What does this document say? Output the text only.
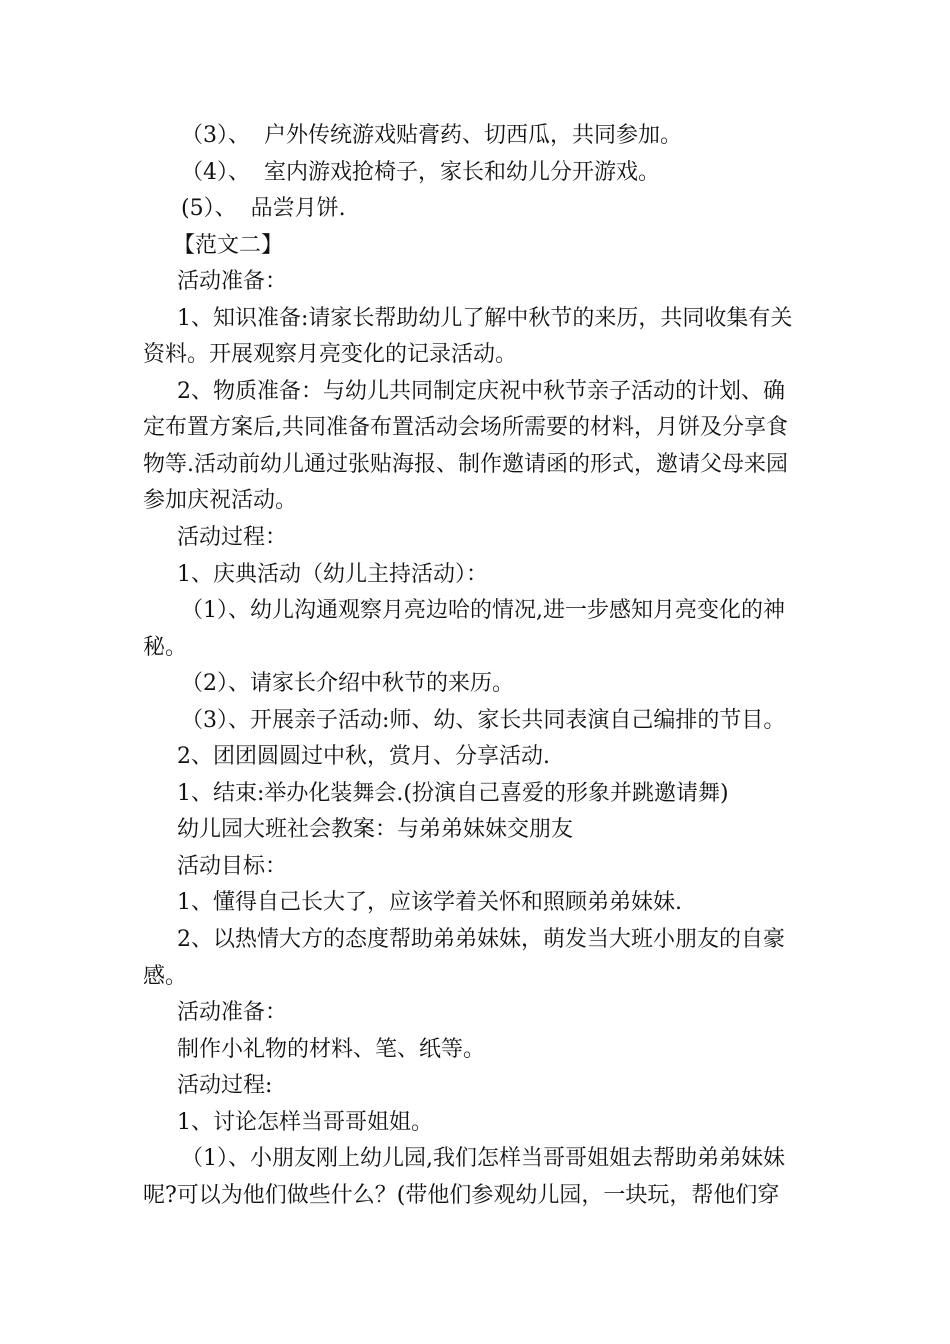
（3）、  户外传统游戏贴膏药、切西瓜，共同参加。

（4）、  室内游戏抢椅子，家长和幼儿分开游戏。

(5）、  品尝月饼.

【范文二】

活动准备：

1、知识准备:请家长帮助幼儿了解中秋节的来历，共同收集有关

资料。开展观察月亮变化的记录活动。

2、物质准备：与幼儿共同制定庆祝中秋节亲子活动的计划、确

定布置方案后,共同准备布置活动会场所需要的材料，月饼及分享食

物等.活动前幼儿通过张贴海报、制作邀请函的形式，邀请父母来园

参加庆祝活动。

活动过程：

1、庆典活动（幼儿主持活动）：

（1）、幼儿沟通观察月亮边哈的情况,进一步感知月亮变化的神

秘。

（2）、请家长介绍中秋节的来历。

（3）、开展亲子活动:师、幼、家长共同表演自己编排的节目。

2、团团圆圆过中秋，赏月、分享活动.

1、结束:举办化装舞会.(扮演自己喜爱的形象并跳邀请舞)

幼儿园大班社会教案：与弟弟妹妹交朋友

活动目标：

1、懂得自己长大了，应该学着关怀和照顾弟弟妹妹.

2、以热情大方的态度帮助弟弟妹妹，萌发当大班小朋友的自豪

感。

活动准备：

制作小礼物的材料、笔、纸等。

活动过程:

1、讨论怎样当哥哥姐姐。

（1）、小朋友刚上幼儿园,我们怎样当哥哥姐姐去帮助弟弟妹妹

呢?可以为他们做些什么？(带他们参观幼儿园，一块玩，帮他们穿
